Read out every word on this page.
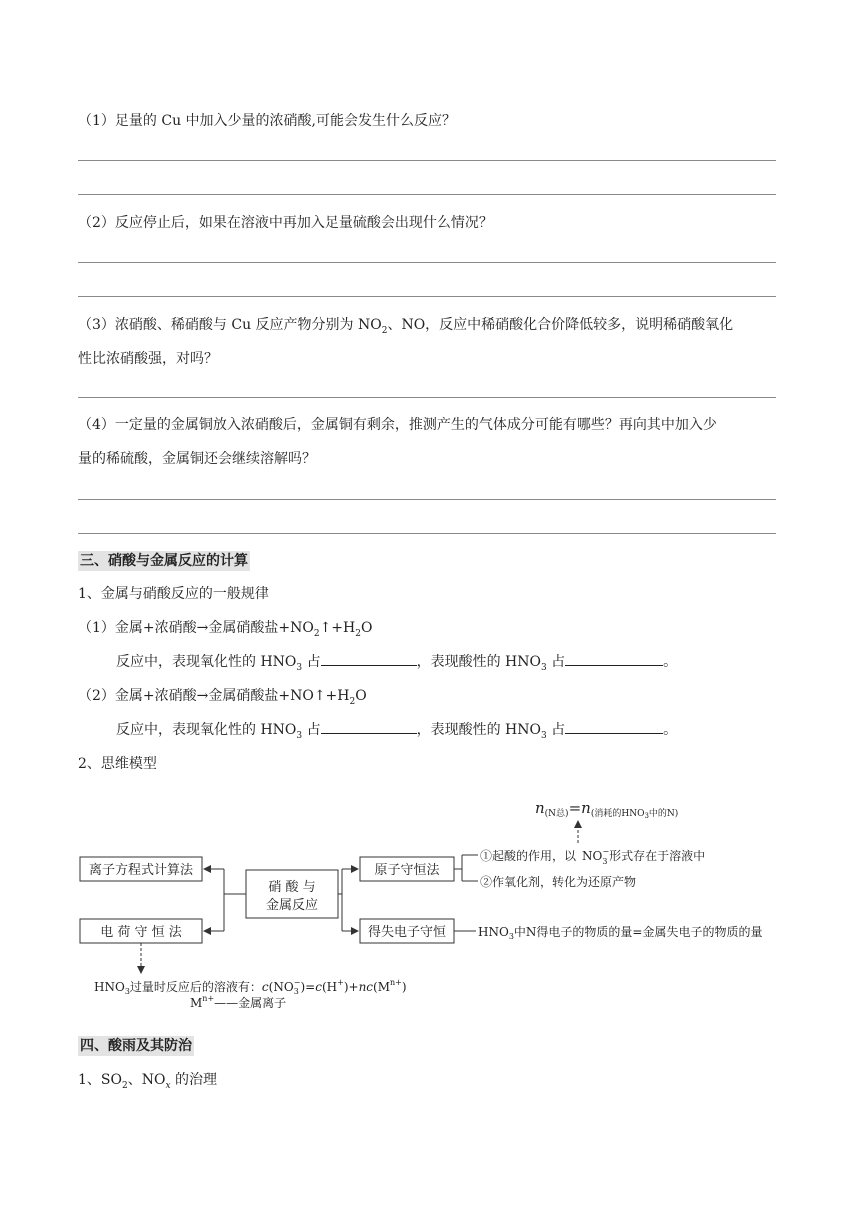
（1）足量的 Cu 中加入少量的浓硝酸,可能会发生什么反应？
（2）反应停止后，如果在溶液中再加入足量硫酸会出现什么情况？
（3）浓硝酸、稀硝酸与 Cu 反应产物分别为 $NO_2$、NO，反应中稀硝酸化合价降低较多，说明稀硝酸氧化
性比浓硝酸强，对吗？
（4）一定量的金属铜放入浓硝酸后，金属铜有剩余，推测产生的气体成分可能有哪些？再向其中加入少
量的稀硫酸，金属铜还会继续溶解吗？
三、硝酸与金属反应的计算
1、金属与硝酸反应的一般规律
（1）金属+浓硝酸→金属硝酸盐$+NO_2↑+H_2O$
反应中，表现氧化性的 $HNO_3$ 占	，表现酸性的 $HNO_3$ 占	。
（2）金属+浓硝酸→金属硝酸盐$+NO↑+H_2O$
反应中，表现氧化性的 $HNO_3$ 占	，表现酸性的 $HNO_3$ 占	。
2、思维模型
$n_{(N总)}=n_{(消耗的HNO}3$中的N)
离子方程式计算法
电 荷 守 恒 法
硝 酸 与
金属反应
原子守恒法
得失电子守恒
①起酸的作用，以 $NO_3-$形式存在于溶液中
②作氧化剂，转化为还原产物
$HNO_3$中N得电子的物质的量=金属失电子的物质的量
$HNO_3$过量时反应后的溶液有：$c(NO_3-)=c(H^+)+nc(M^{n+})$
$M^{n+}——$金属离子
四、酸雨及其防治
1、$SO_2$、$NO_x$ 的治理
